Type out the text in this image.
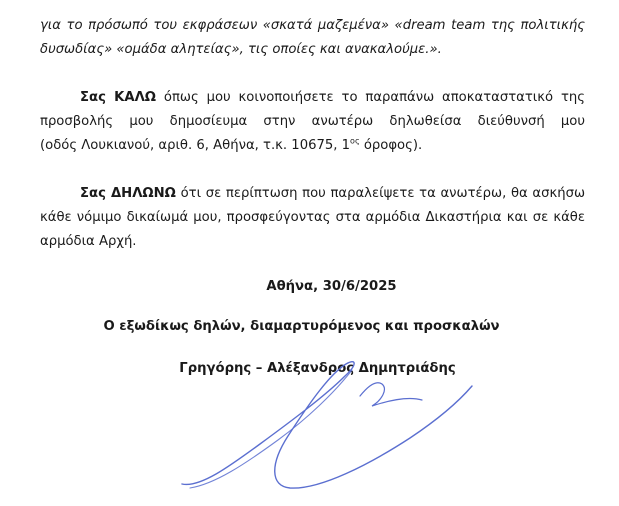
για το πρόσωπό του εκφράσεων «σκατά μαζεμένα» «dream team της πολιτικής
δυσωδίας» «ομάδα αλητείας», τις οποίες και ανακαλούμε.».

Σας ΚΑΛΩ όπως μου κοινοποιήσετε το παραπάνω αποκαταστατικό της
προσβολής μου δημοσίευμα στην ανωτέρω δηλωθείσα διεύθυνσή μου
(οδός Λουκιανού, αριθ. 6, Αθήνα, τ.κ. 10675, $1^{o\varsigma}$ όροφος).

Σας ΔΗΛΩΝΩ ότι σε περίπτωση που παραλείψετε τα ανωτέρω, θα ασκήσω
κάθε νόμιμο δικαίωμά μου, προσφεύγοντας στα αρμόδια Δικαστήρια και σε κάθε
αρμόδια Αρχή.

Αθήνα, 30/6/2025

Ο εξωδίκως δηλών, διαμαρτυρόμενος και προσκαλών

Γρηγόρης – Αλέξανδρος Δημητριάδης
